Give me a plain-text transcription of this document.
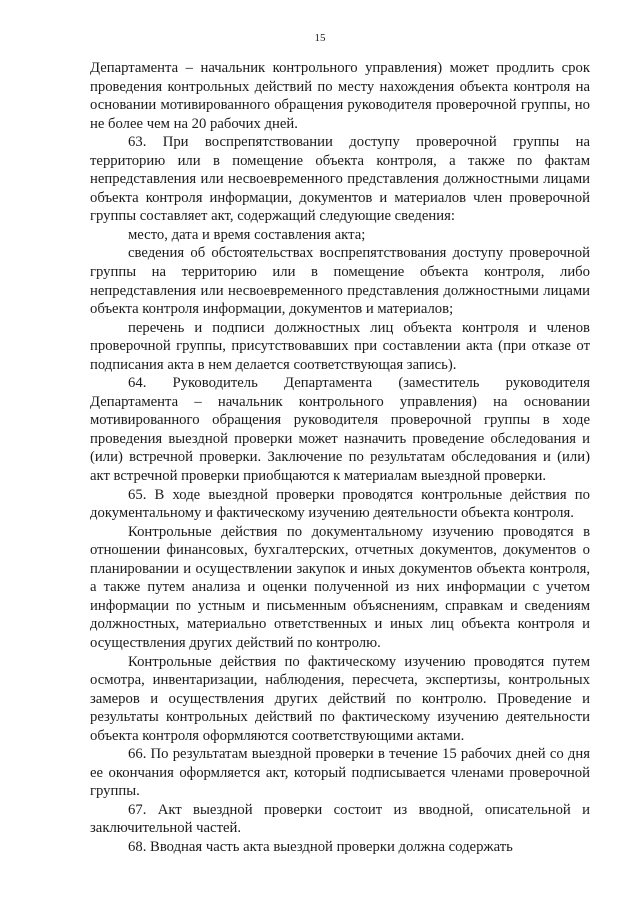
15

Департамента – начальник контрольного управления) может продлить срок проведения контрольных действий по месту нахождения объекта контроля на основании мотивированного обращения руководителя проверочной группы, но не более чем на 20 рабочих дней.

63. При воспрепятствовании доступу проверочной группы на территорию или в помещение объекта контроля, а также по фактам непредставления или несвоевременного представления должностными лицами объекта контроля информации, документов и материалов член проверочной группы составляет акт, содержащий следующие сведения:

место, дата и время составления акта;

сведения об обстоятельствах воспрепятствования доступу проверочной группы на территорию или в помещение объекта контроля, либо непредставления или несвоевременного представления должностными лицами объекта контроля информации, документов и материалов;

перечень и подписи должностных лиц объекта контроля и членов проверочной группы, присутствовавших при составлении акта (при отказе от подписания акта в нем делается соответствующая запись).

64. Руководитель Департамента (заместитель руководителя Департамента – начальник контрольного управления) на основании мотивированного обращения руководителя проверочной группы в ходе проведения выездной проверки может назначить проведение обследования и (или) встречной проверки. Заключение по результатам обследования и (или) акт встречной проверки приобщаются к материалам выездной проверки.

65. В ходе выездной проверки проводятся контрольные действия по документальному и фактическому изучению деятельности объекта контроля.

Контрольные действия по документальному изучению проводятся в отношении финансовых, бухгалтерских, отчетных документов, документов о планировании и осуществлении закупок и иных документов объекта контроля, а также путем анализа и оценки полученной из них информации с учетом информации по устным и письменным объяснениям, справкам и сведениям должностных, материально ответственных и иных лиц объекта контроля и осуществления других действий по контролю.

Контрольные действия по фактическому изучению проводятся путем осмотра, инвентаризации, наблюдения, пересчета, экспертизы, контрольных замеров и осуществления других действий по контролю. Проведение и результаты контрольных действий по фактическому изучению деятельности объекта контроля оформляются соответствующими актами.

66. По результатам выездной проверки в течение 15 рабочих дней со дня ее окончания оформляется акт, который подписывается членами проверочной группы.

67. Акт выездной проверки состоит из вводной, описательной и заключительной частей.

68. Вводная часть акта выездной проверки должна содержать
